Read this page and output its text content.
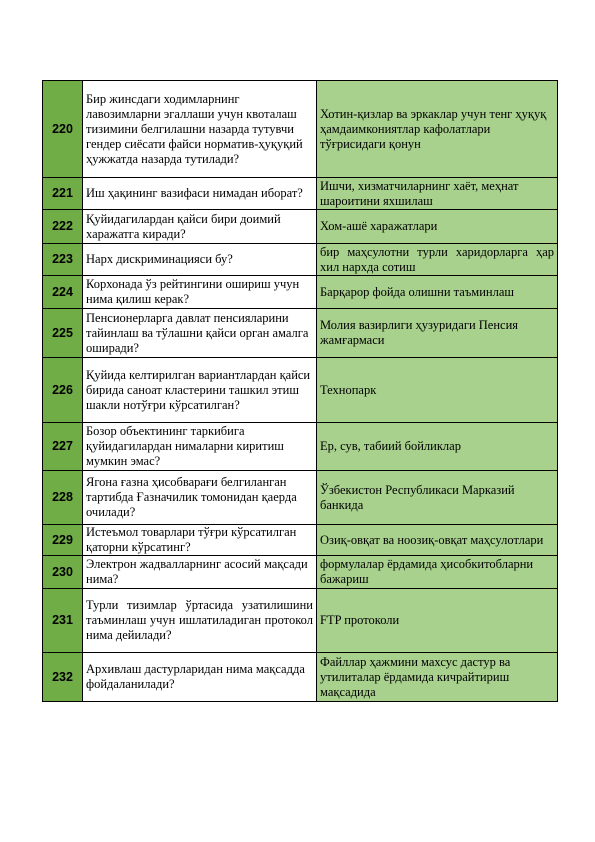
220	Бир жинсдаги ходимларнинг лавозимларни эгаллаши учун квоталаш тизимини белгилашни назарда тутувчи гендер сиёсати файси норматив-ҳуқуқий ҳужжатда назарда тутилади?	Хотин-қизлар ва эркаклар учун тенг ҳуқуқ ҳамдаимкониятлар кафолатлари тўғрисидаги қонун
221	Иш ҳақининг вазифаси нимадан иборат?	Ишчи, хизматчиларнинг хаёт, меҳнат шароитини яхшилаш
222	Қуйидагилардан қайси бири доимий харажатга киради?	Хом-ашё харажатлари
223	Нарх дискриминацияси бу?	бир маҳсулотни турли харидорларга ҳар хил нархда сотиш
224	Корхонада ўз рейтингини ошириш учун нима қилиш керак?	Барқарор фойда олишни таъминлаш
225	Пенсионерларга давлат пенсияларини тайинлаш ва тўлашни қайси орган амалга оширади?	Молия вазирлиги ҳузуридаги Пенсия жамғармаси
226	Қуйида келтирилган вариантлардан қайси бирида саноат кластерини ташкил этиш шакли нотўғри кўрсатилган?	Технопарк
227	Бозор объектининг таркибига қуйидагилардан нималарни киритиш мумкин эмас?	Ер, сув, табиий бойликлар
228	Ягона ғазна ҳисобварағи белгиланган тартибда Ғазначилик томонидан қаерда очилади?	Ўзбекистон Республикаси Марказий банкида
229	Истеъмол товарлари тўғри кўрсатилган қаторни кўрсатинг?	Озиқ-овқат ва ноозиқ-овқат маҳсулотлари
230	Электрон жадвалларнинг асосий мақсади нима?	формулалар ёрдамида ҳисобкитобларни бажариш
231	Турли тизимлар ўртасида узатилишини таъминлаш учун ишлатиладиган протокол нима дейилади?	FTP протоколи
232	Архивлаш дастурларидан нима мақсадда фойдаланилади?	Файллар ҳажмини махсус дастур ва утилиталар ёрдамида кичрайтириш мақсадида
